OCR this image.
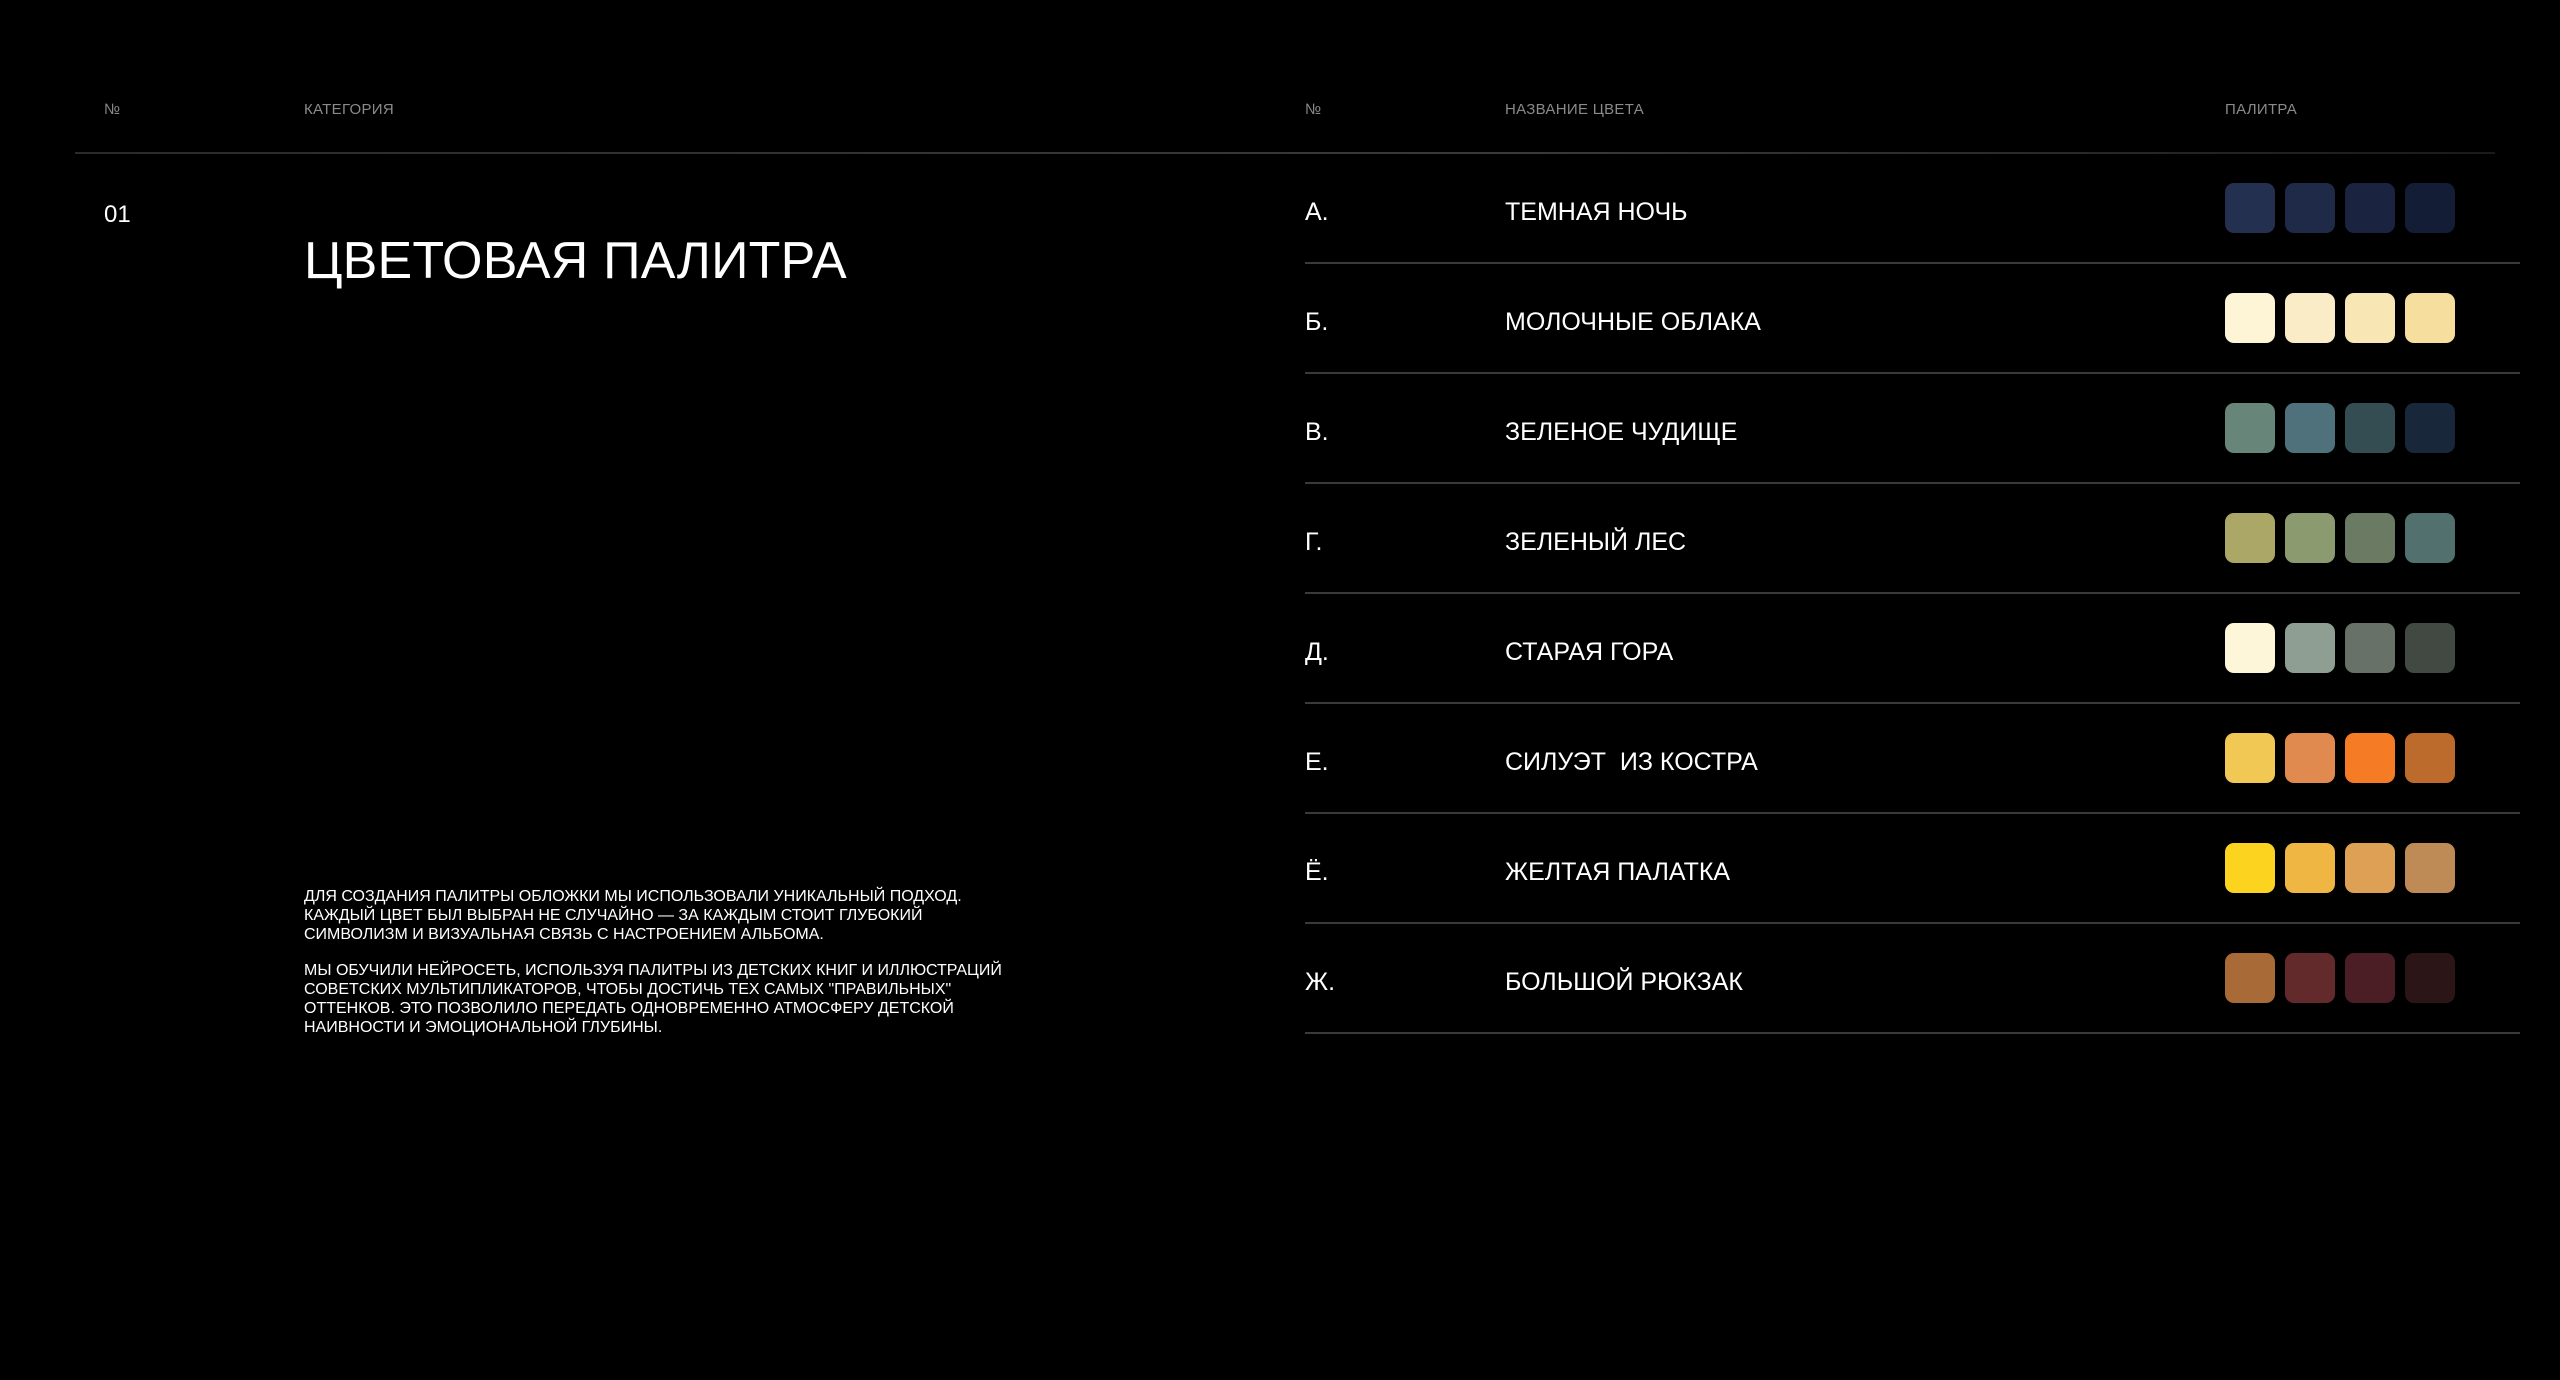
№	КАТЕГОРИЯ	№	НАЗВАНИЕ ЦВЕТА	ПАЛИТРА
01
ЦВЕТОВАЯ ПАЛИТРА

ДЛЯ СОЗДАНИЯ ПАЛИТРЫ ОБЛОЖКИ МЫ ИСПОЛЬЗОВАЛИ УНИКАЛЬНЫЙ ПОДХОД. КАЖДЫЙ ЦВЕТ БЫЛ ВЫБРАН НЕ СЛУЧАЙНО — ЗА КАЖДЫМ СТОИТ ГЛУБОКИЙ СИМВОЛИЗМ И ВИЗУАЛЬНАЯ СВЯЗЬ С НАСТРОЕНИЕМ АЛЬБОМА.

МЫ ОБУЧИЛИ НЕЙРОСЕТЬ, ИСПОЛЬЗУЯ ПАЛИТРЫ ИЗ ДЕТСКИХ КНИГ И ИЛЛЮСТРАЦИЙ СОВЕТСКИХ МУЛЬТИПЛИКАТОРОВ, ЧТОБЫ ДОСТИЧЬ ТЕХ САМЫХ "ПРАВИЛЬНЫХ" ОТТЕНКОВ. ЭТО ПОЗВОЛИЛО ПЕРЕДАТЬ ОДНОВРЕМЕННО АТМОСФЕРУ ДЕТСКОЙ НАИВНОСТИ И ЭМОЦИОНАЛЬНОЙ ГЛУБИНЫ.

А.	ТЕМНАЯ НОЧЬ
Б.	МОЛОЧНЫЕ ОБЛАКА
В.	ЗЕЛЕНОЕ ЧУДИЩЕ
Г.	ЗЕЛЕНЫЙ ЛЕС
Д.	СТАРАЯ ГОРА
Е.	СИЛУЭТ  ИЗ КОСТРА
Ё.	ЖЕЛТАЯ ПАЛАТКА
Ж.	БОЛЬШОЙ РЮКЗАК
